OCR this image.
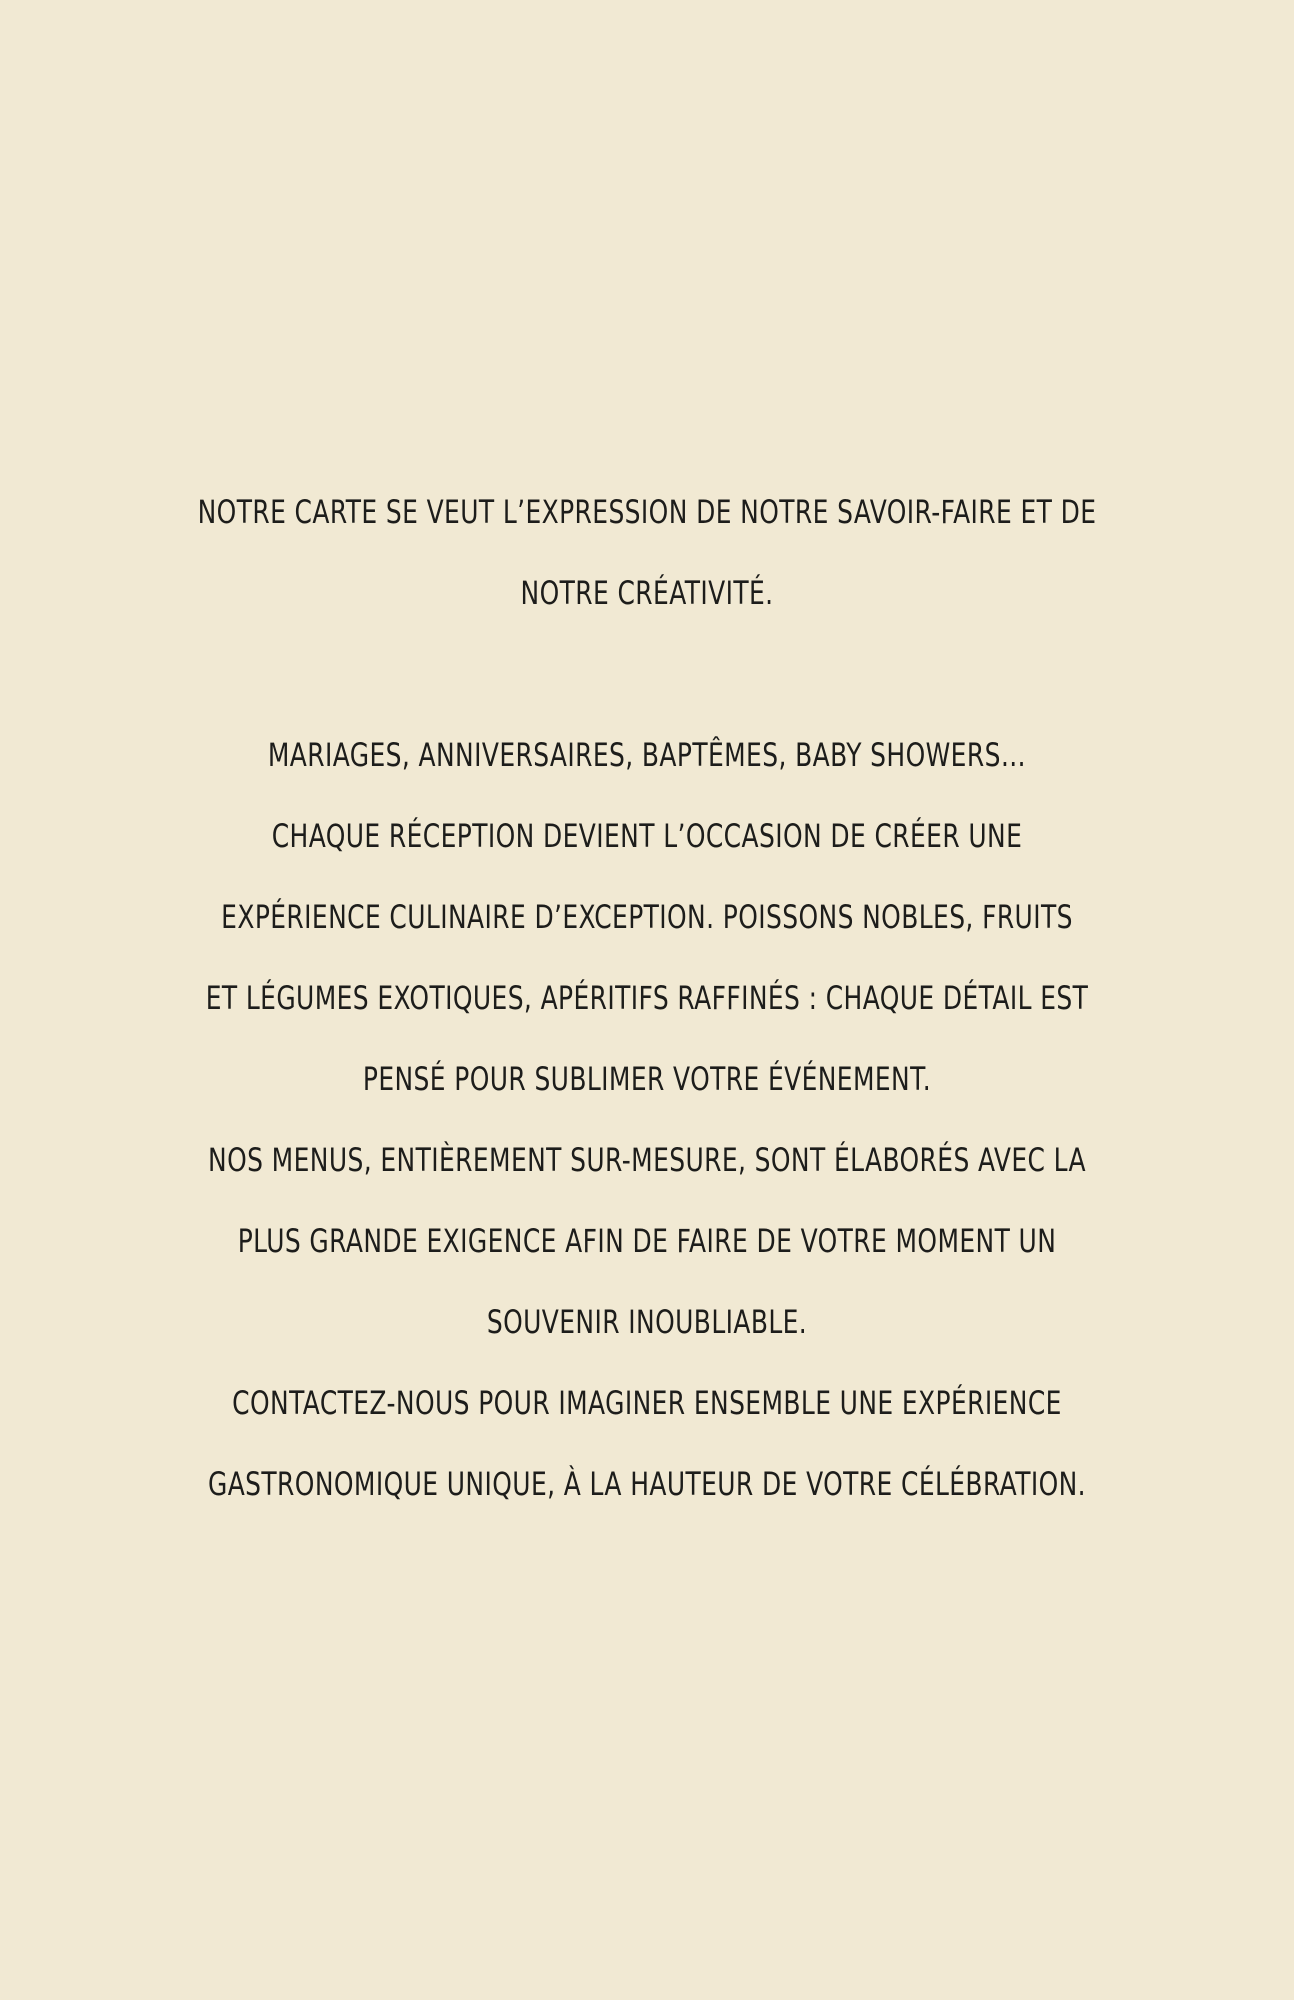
NOTRE CARTE SE VEUT L’EXPRESSION DE NOTRE SAVOIR-FAIRE ET DE
NOTRE CRÉATIVITÉ.

MARIAGES, ANNIVERSAIRES, BAPTÊMES, BABY SHOWERS…
CHAQUE RÉCEPTION DEVIENT L’OCCASION DE CRÉER UNE
EXPÉRIENCE CULINAIRE D’EXCEPTION. POISSONS NOBLES, FRUITS
ET LÉGUMES EXOTIQUES, APÉRITIFS RAFFINÉS : CHAQUE DÉTAIL EST
PENSÉ POUR SUBLIMER VOTRE ÉVÉNEMENT.

NOS MENUS, ENTIÈREMENT SUR-MESURE, SONT ÉLABORÉS AVEC LA
PLUS GRANDE EXIGENCE AFIN DE FAIRE DE VOTRE MOMENT UN
SOUVENIR INOUBLIABLE.

CONTACTEZ-NOUS POUR IMAGINER ENSEMBLE UNE EXPÉRIENCE
GASTRONOMIQUE UNIQUE, À LA HAUTEUR DE VOTRE CÉLÉBRATION.
